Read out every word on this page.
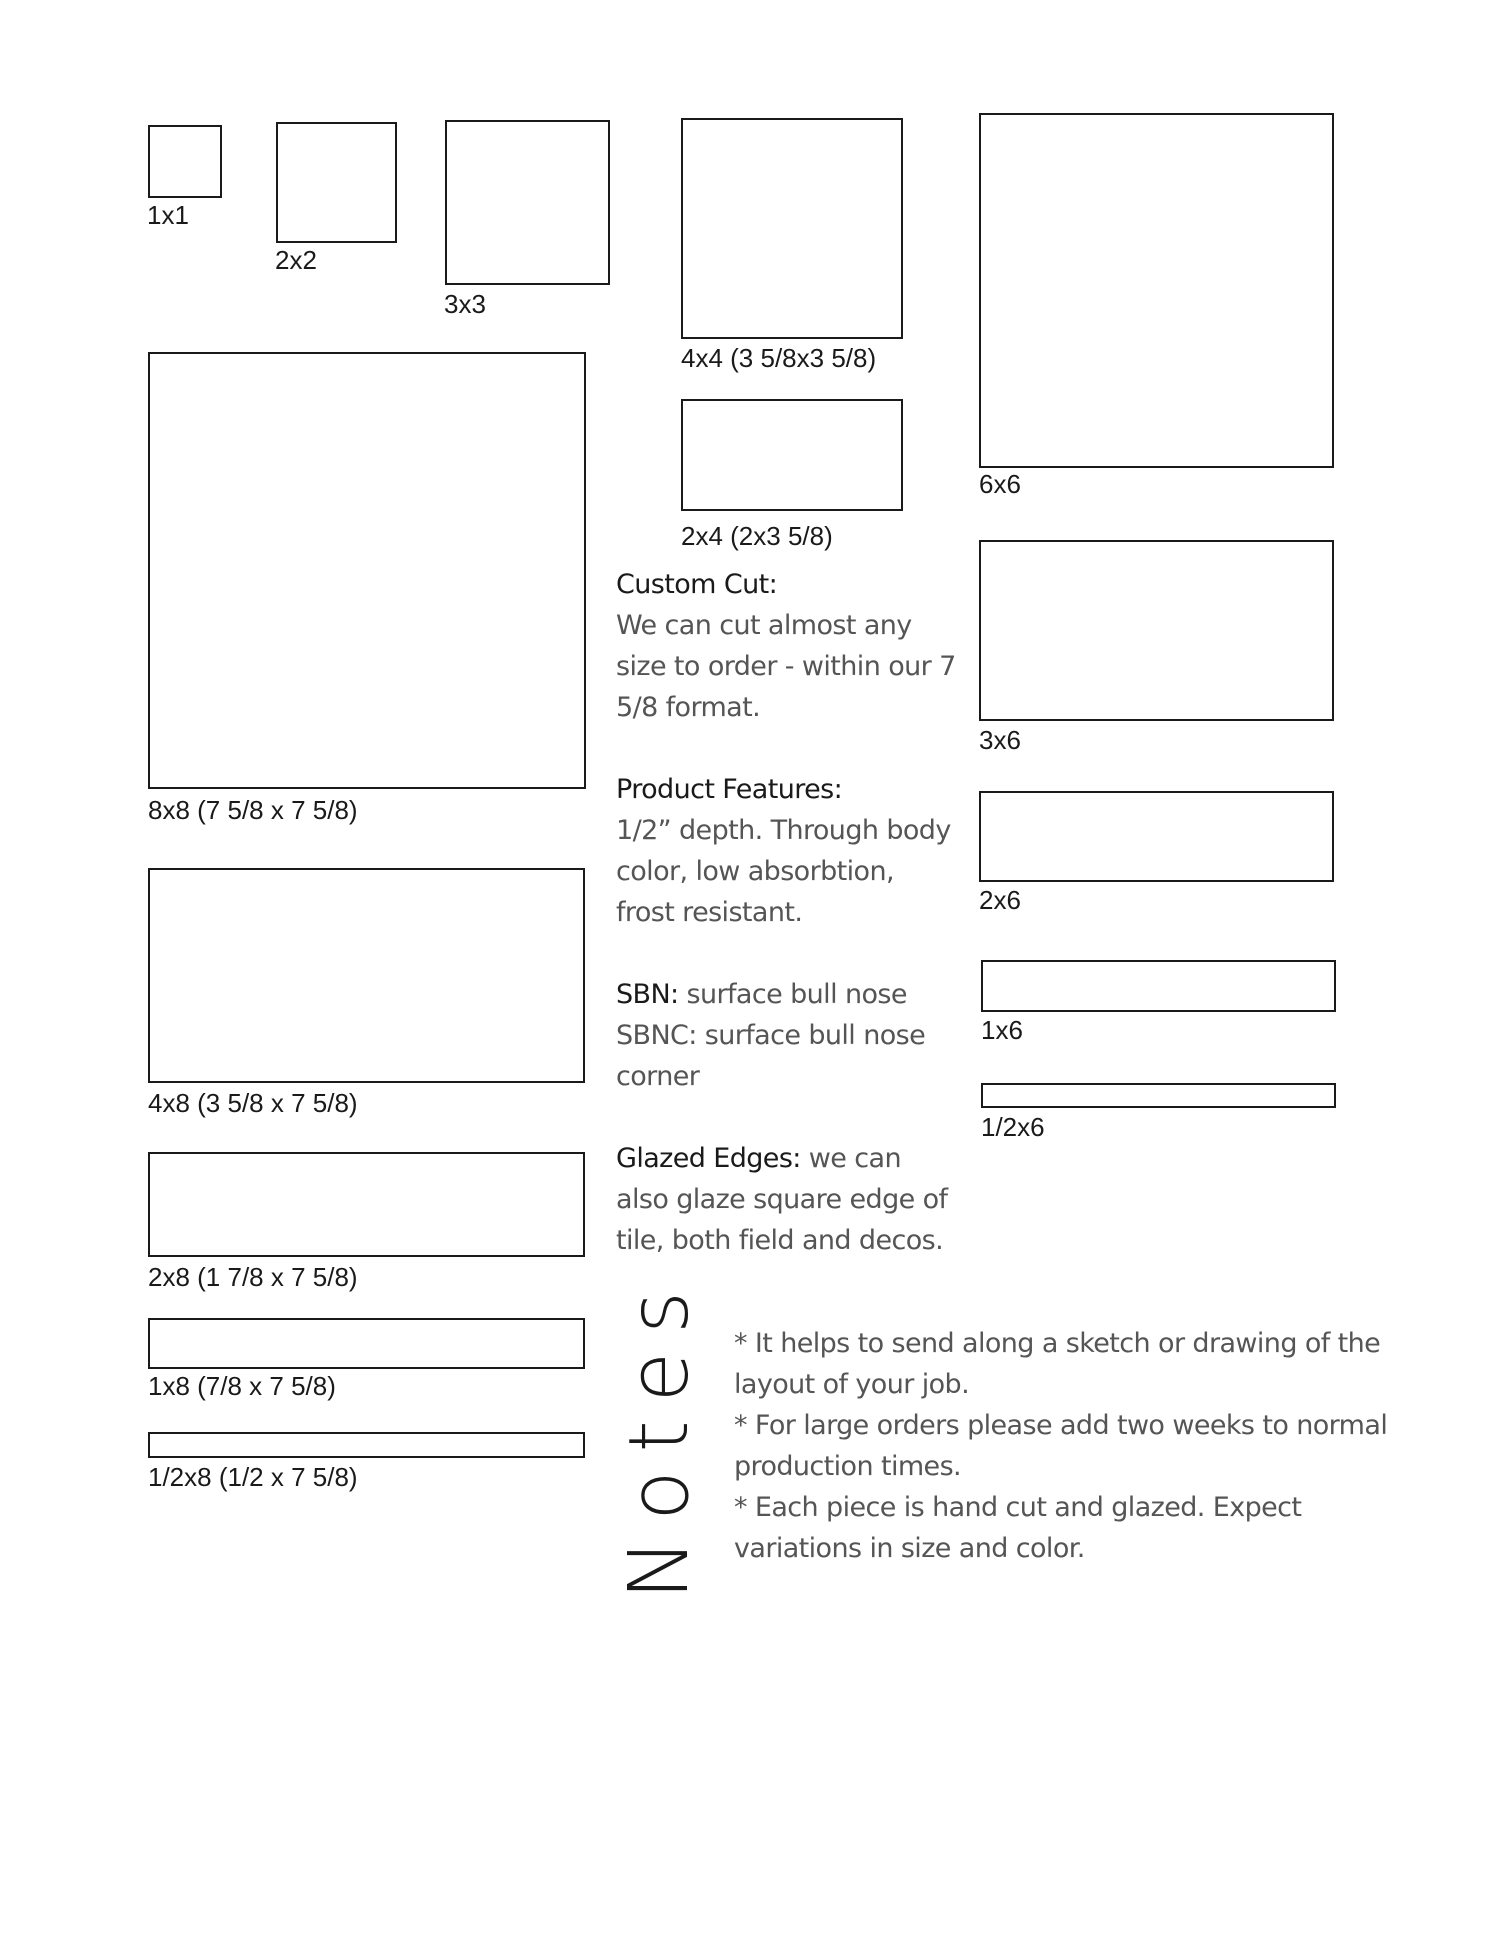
1x1
2x2
3x3
4x4 (3 5/8x3 5/8)
2x4 (2x3 5/8)
6x6
8x8 (7 5/8 x 7 5/8)
4x8 (3 5/8 x 7 5/8)
2x8 (1 7/8 x 7 5/8)
1x8 (7/8 x 7 5/8)
1/2x8 (1/2 x 7 5/8)
3x6
2x6
1x6
1/2x6
Custom Cut:
We can cut almost any size to order - within our 7 5/8 format.
Product Features:
1/2” depth. Through body color, low absorbtion, frost resistant.
SBN: surface bull nose
SBNC: surface bull nose corner
Glazed Edges: we can also glaze square edge of tile, both field and decos.
Notes * It helps to send along a sketch or drawing of the layout of your job.

* For large orders please add two weeks to normal production times.

* Each piece is hand cut and glazed. Expect variations in size and color.
